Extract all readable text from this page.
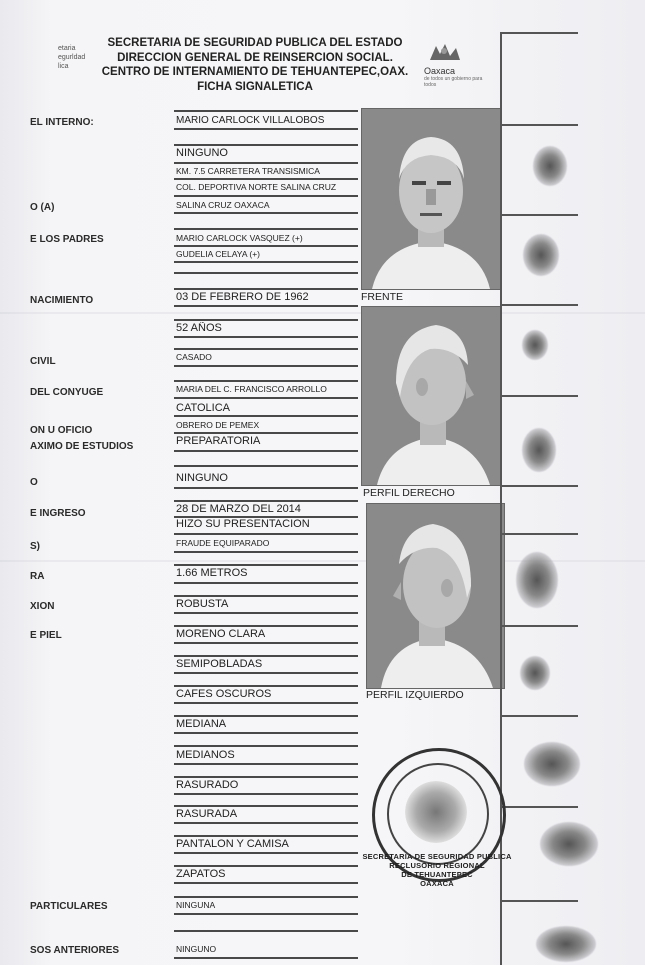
etaria
egurldad
lica
SECRETARIA DE SEGURIDAD PUBLICA DEL ESTADO
DIRECCION GENERAL DE REINSERCION SOCIAL.
CENTRO DE INTERNAMIENTO DE TEHUANTEPEC,OAX.
FICHA SIGNALETICA
Oaxaca
de todos un gobierno para todos
EL INTERNO:
O (A)
E LOS PADRES
NACIMIENTO
CIVIL
DEL CONYUGE
ON U OFICIO
AXIMO DE ESTUDIOS
O
E INGRESO
S)
RA
XION
E PIEL
PARTICULARES
SOS ANTERIORES
MARIO CARLOCK VILLALOBOS
NINGUNO
KM. 7.5 CARRETERA TRANSISMICA
COL. DEPORTIVA NORTE SALINA CRUZ
SALINA CRUZ OAXACA
MARIO CARLOCK VASQUEZ (+)
GUDELIA CELAYA (+)
03 DE FEBRERO DE 1962
52 AÑOS
CASADO
MARIA DEL C. FRANCISCO ARROLLO
CATOLICA
OBRERO DE PEMEX
PREPARATORIA
NINGUNO
28 DE MARZO DEL 2014
HIZO SU PRESENTACION
FRAUDE EQUIPARADO
1.66 METROS
ROBUSTA
MORENO CLARA
SEMIPOBLADAS
CAFES OSCUROS
MEDIANA
MEDIANOS
RASURADO
RASURADA
PANTALON Y CAMISA
ZAPATOS
NINGUNA
NINGUNO
FRENTE
PERFIL DERECHO
PERFIL IZQUIERDO
SECRETARIA DE SEGURIDAD PUBLICA
RECLUSORIO REGIONAL
DE TEHUANTEPEC
OAXACA
